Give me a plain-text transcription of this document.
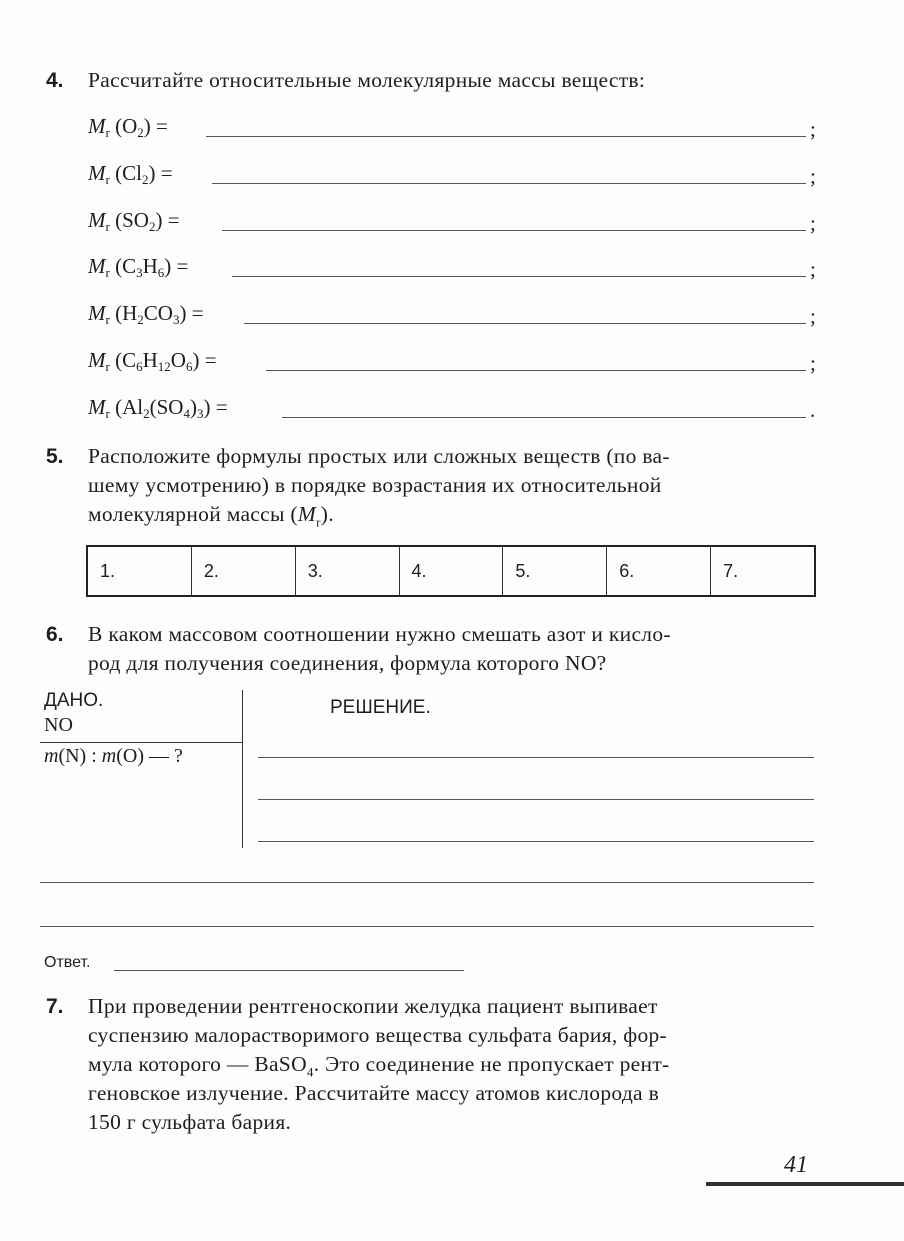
4. Рассчитайте относительные молекулярные массы веществ:
$M_r$ $(O_2)$ =	;
$M_r$ $(Cl_2)$ =	;
$M_r$ $(SO_2)$ =	;
$M_r$ $(C_3H_6)$ =	;
$M_r$ $(H_2CO_3)$ =	;
$M_r$ $(C_6H_{12}O_6)$ =	;
$M_r$ $(Al_2(SO_4)_3)$ =	.
5. Расположите формулы простых или сложных веществ (по ва-
шему усмотрению) в порядке возрастания их относительной
молекулярной массы $(M_r)$.
1.	2.	3.	4.	5.	6.	7.
6. В каком массовом соотношении нужно смешать азот и кисло-
род для получения соединения, формула которого NO?
ДАНО.
NO
m(N) : m(O) — ?
РЕШЕНИЕ.
Ответ.
7. При проведении рентгеноскопии желудка пациент выпивает
суспензию малорастворимого вещества сульфата бария, фор-
мула которого — BaSO$_4$. Это соединение не пропускает рент-
геновское излучение. Рассчитайте массу атомов кислорода в
150 г сульфата бария.
41
